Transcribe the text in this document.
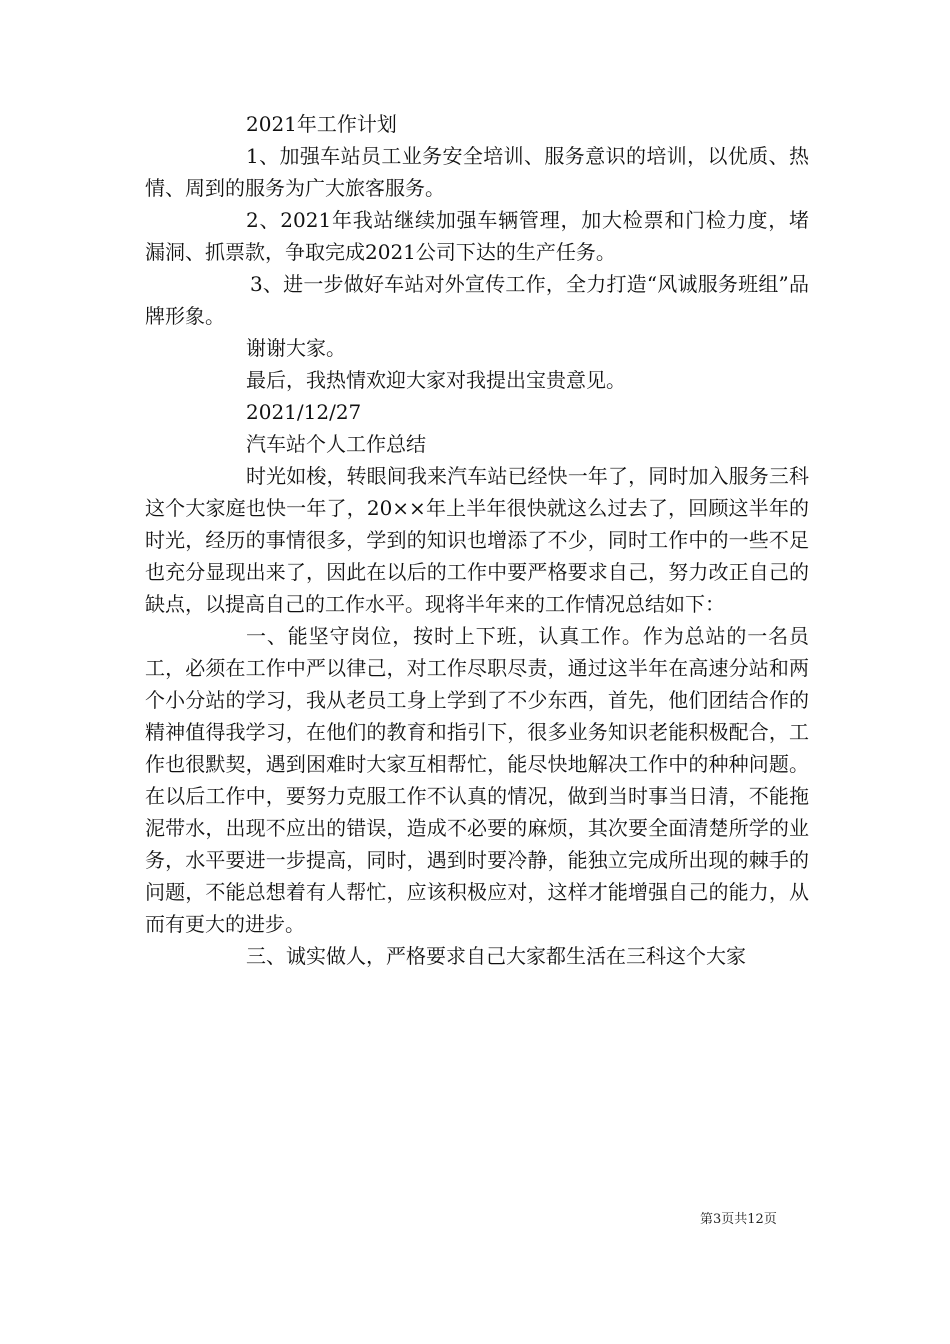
2021年工作计划

1、加强车站员工业务安全培训、服务意识的培训，以优质、热情、周到的服务为广大旅客服务。

2、2021年我站继续加强车辆管理，加大检票和门检力度，堵漏洞、抓票款，争取完成2021公司下达的生产任务。

3、进一步做好车站对外宣传工作，全力打造“风诚服务班组”品牌形象。

谢谢大家。

最后，我热情欢迎大家对我提出宝贵意见。

2021/12/27

汽车站个人工作总结

时光如梭，转眼间我来汽车站已经快一年了，同时加入服务三科这个大家庭也快一年了，20××年上半年很快就这么过去了，回顾这半年的时光，经历的事情很多，学到的知识也增添了不少，同时工作中的一些不足也充分显现出来了，因此在以后的工作中要严格要求自己，努力改正自己的缺点，以提高自己的工作水平。现将半年来的工作情况总结如下：

一、能坚守岗位，按时上下班，认真工作。作为总站的一名员工，必须在工作中严以律己，对工作尽职尽责，通过这半年在高速分站和两个小分站的学习，我从老员工身上学到了不少东西，首先，他们团结合作的精神值得我学习，在他们的教育和指引下，很多业务知识老能积极配合，工作也很默契，遇到困难时大家互相帮忙，能尽快地解决工作中的种种问题。在以后工作中，要努力克服工作不认真的情况，做到当时事当日清，不能拖泥带水，出现不应出的错误，造成不必要的麻烦，其次要全面清楚所学的业务，水平要进一步提高，同时，遇到时要冷静，能独立完成所出现的棘手的问题，不能总想着有人帮忙，应该积极应对，这样才能增强自己的能力，从而有更大的进步。

三、诚实做人，严格要求自己大家都生活在三科这个大家

第3页共12页
